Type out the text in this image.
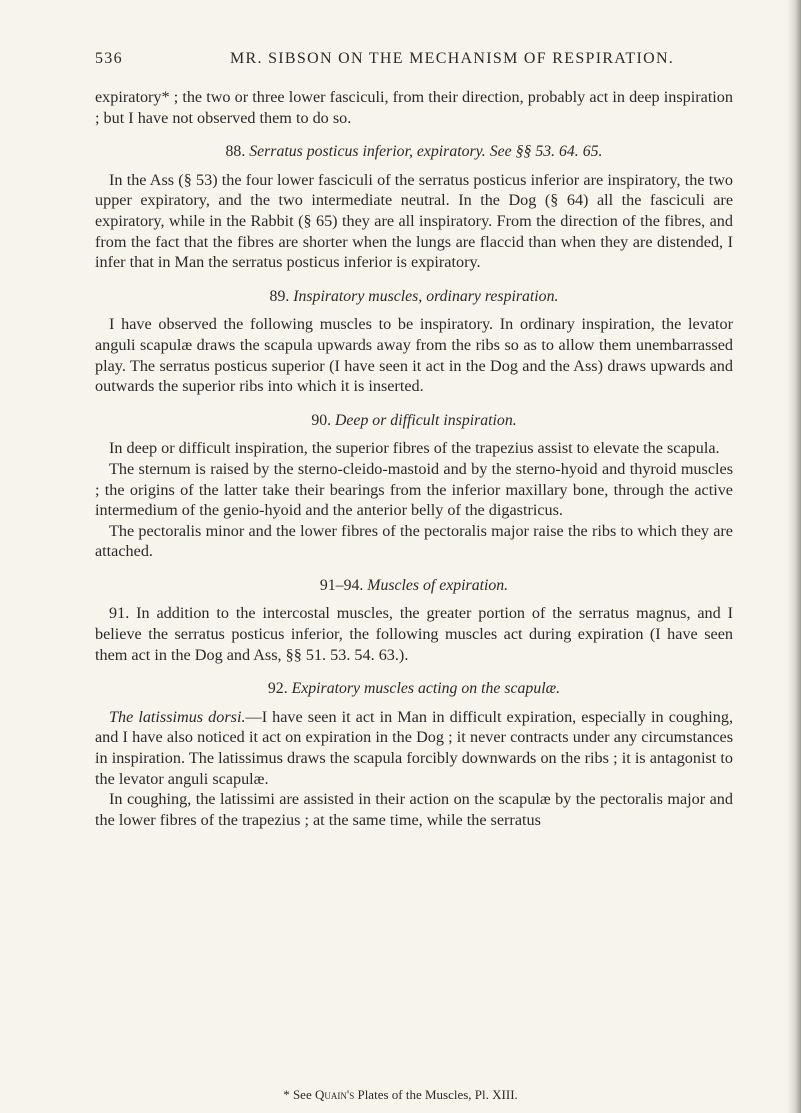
536	MR. SIBSON ON THE MECHANISM OF RESPIRATION.

expiratory* ; the two or three lower fasciculi, from their direction, probably act in deep inspiration ; but I have not observed them to do so.

88. Serratus posticus inferior, expiratory. See §§ 53. 64. 65.

In the Ass (§ 53) the four lower fasciculi of the serratus posticus inferior are inspiratory, the two upper expiratory, and the two intermediate neutral. In the Dog (§ 64) all the fasciculi are expiratory, while in the Rabbit (§ 65) they are all inspiratory. From the direction of the fibres, and from the fact that the fibres are shorter when the lungs are flaccid than when they are distended, I infer that in Man the serratus posticus inferior is expiratory.

89. Inspiratory muscles, ordinary respiration.

I have observed the following muscles to be inspiratory. In ordinary inspiration, the levator anguli scapulæ draws the scapula upwards away from the ribs so as to allow them unembarrassed play. The serratus posticus superior (I have seen it act in the Dog and the Ass) draws upwards and outwards the superior ribs into which it is inserted.

90. Deep or difficult inspiration.

In deep or difficult inspiration, the superior fibres of the trapezius assist to elevate the scapula.

The sternum is raised by the sterno-cleido-mastoid and by the sterno-hyoid and thyroid muscles ; the origins of the latter take their bearings from the inferior maxillary bone, through the active intermedium of the genio-hyoid and the anterior belly of the digastricus.

The pectoralis minor and the lower fibres of the pectoralis major raise the ribs to which they are attached.

91–94. Muscles of expiration.

91. In addition to the intercostal muscles, the greater portion of the serratus magnus, and I believe the serratus posticus inferior, the following muscles act during expiration (I have seen them act in the Dog and Ass, §§ 51. 53. 54. 63.).

92. Expiratory muscles acting on the scapulæ.

The latissimus dorsi.—I have seen it act in Man in difficult expiration, especially in coughing, and I have also noticed it act on expiration in the Dog ; it never contracts under any circumstances in inspiration. The latissimus draws the scapula forcibly downwards on the ribs ; it is antagonist to the levator anguli scapulæ.

In coughing, the latissimi are assisted in their action on the scapulæ by the pectoralis major and the lower fibres of the trapezius ; at the same time, while the serratus

* See Quain's Plates of the Muscles, Pl. XIII.
